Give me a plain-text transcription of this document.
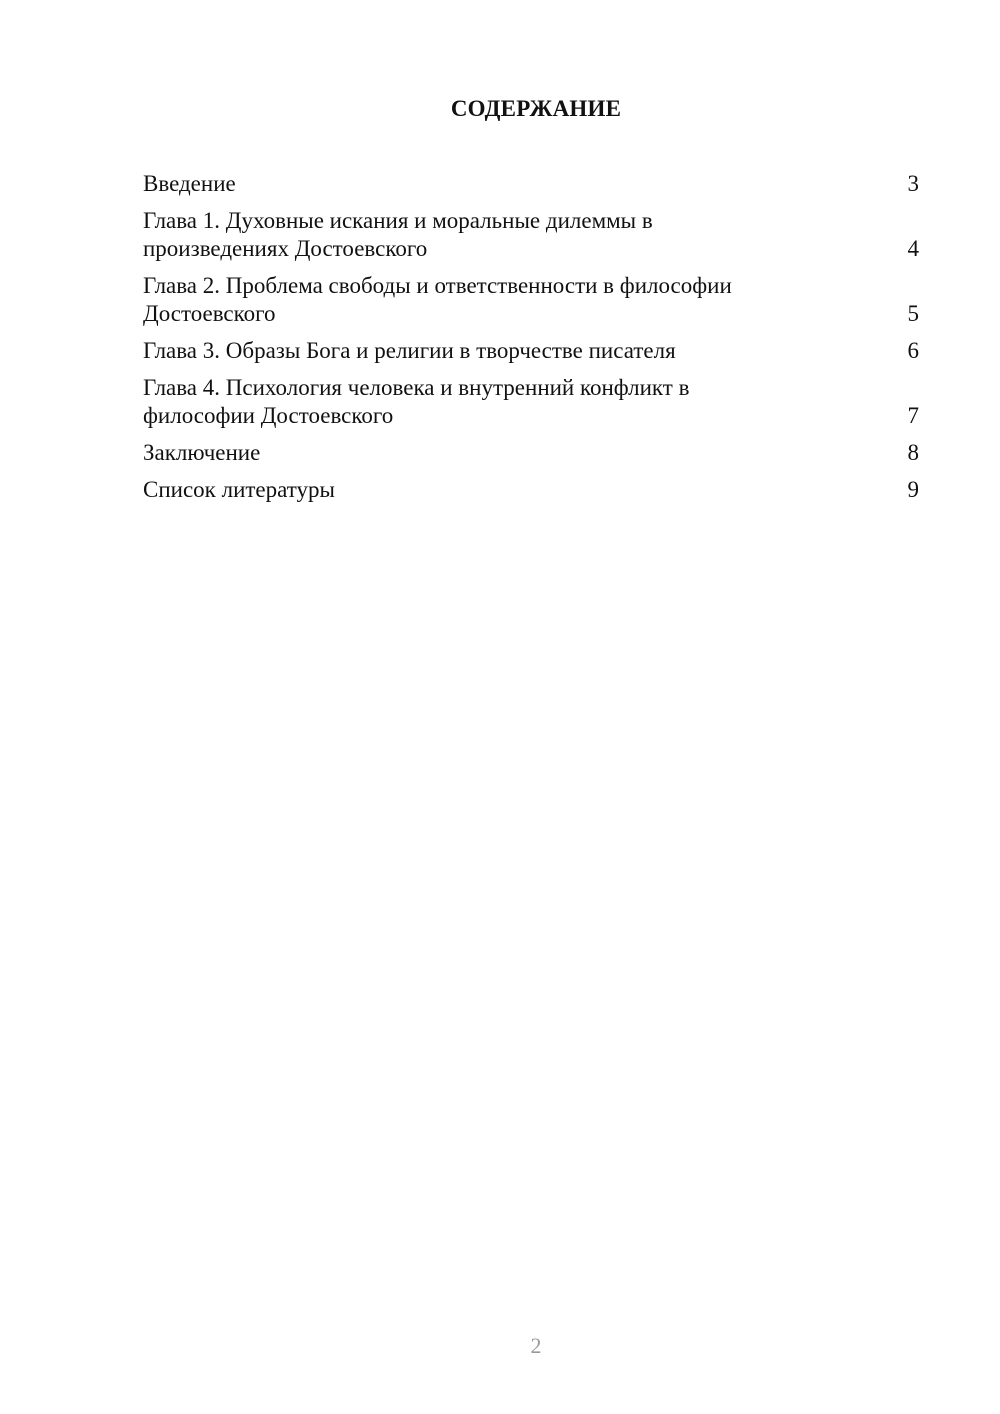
СОДЕРЖАНИЕ
Введение	3
Глава 1. Духовные искания и моральные дилеммы в
произведениях Достоевского	4
Глава 2. Проблема свободы и ответственности в философии
Достоевского	5
Глава 3. Образы Бога и религии в творчестве писателя	6
Глава 4. Психология человека и внутренний конфликт в
философии Достоевского	7
Заключение	8
Список литературы	9
2
